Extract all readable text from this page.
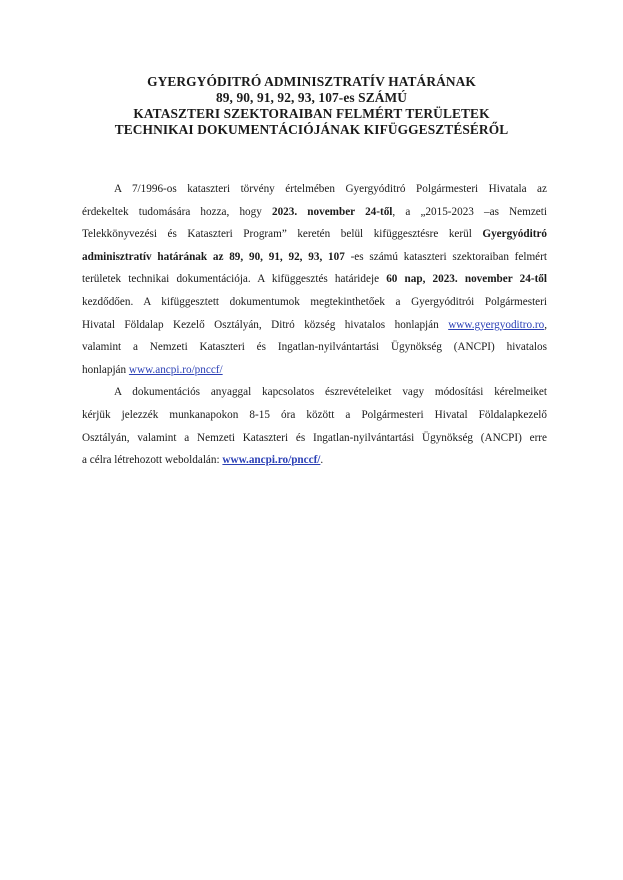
GYERGYÓDITRÓ ADMINISZTRATÍV HATÁRÁNAK
89, 90, 91, 92, 93, 107-es SZÁMÚ
KATASZTERI SZEKTORAIBAN FELMÉRT TERÜLETEK
TECHNIKAI DOKUMENTÁCIÓJÁNAK KIFÜGGESZTÉSÉRŐL

A 7/1996-os kataszteri törvény értelmében Gyergyóditró Polgármesteri Hivatala az
érdekeltek tudomására hozza, hogy 2023. november 24-től, a „2015-2023 –as Nemzeti
Telekkönyvezési és Kataszteri Program” keretén belül kifüggesztésre kerül Gyergyóditró
adminisztratív határának az 89, 90, 91, 92, 93, 107 -es számú kataszteri szektoraiban felmért
területek technikai dokumentációja. A kifüggesztés határideje 60 nap, 2023. november 24-től
kezdődően. A kifüggesztett dokumentumok megtekinthetőek a Gyergyóditrói Polgármesteri
Hivatal Földalap Kezelő Osztályán, Ditró község hivatalos honlapján www.gyergyoditro.ro,
valamint a Nemzeti Kataszteri és Ingatlan-nyilvántartási Ügynökség (ANCPI) hivatalos
honlapján www.ancpi.ro/pnccf/

A dokumentációs anyaggal kapcsolatos észrevételeiket vagy módosítási kérelmeiket
kérjük jelezzék munkanapokon 8-15 óra között a Polgármesteri Hivatal Földalapkezelő
Osztályán, valamint a Nemzeti Kataszteri és Ingatlan-nyilvántartási Ügynökség (ANCPI) erre
a célra létrehozott weboldalán: www.ancpi.ro/pnccf/.
